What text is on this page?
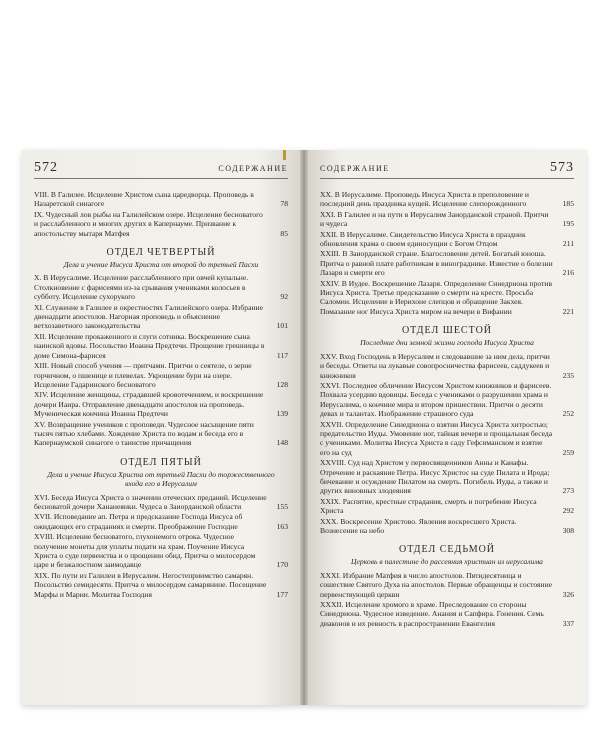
572	СОДЕРЖАНИЕ
VIII. В Галилее. Исцеление Христом сына царедворца. Проповедь в Назаретской синагоге	78
IX. Чудесный лов рыбы на Галилейском озере. Исцеление бесноватого и расслабленного и многих других в Капернауме. Призвание к апостольству мытаря Матфея	85
ОТДЕЛ ЧЕТВЕРТЫЙ
Дела и учение Иисуса Христа от второй до третьей Пасхи
X. В Иерусалиме. Исцеление расслабленного при овчей купальне. Столкновение с фарисеями из-за срывания учениками колосьев в субботу. Исцеление сухорукого	92
XI. Служение в Галилее и окрестностях Галилейского озера. Избрание двенадцати апостолов. Нагорная проповедь и объяснение ветхозаветного законодательства	101
XII. Исцеление прокаженного и слуги сотника. Воскрешение сына наинской вдовы. Посольство Иоанна Предтечи. Прощение грешницы в доме Симона-фарисея	117
XIII. Новый способ учения — притчами. Притчи о сеятеле, о зерне горчичном, о пшенице и плевелах. Укрощение бури на озере. Исцеление Гадаринского бесноватого	128
XIV. Исцеление женщины, страдавшей кровотечением, и воскрешение дочери Иаира. Отправление двенадцати апостолов на проповедь. Мученическая кончина Иоанна Предтечи	139
XV. Возвращение учеников с проповеди. Чудесное насыщение пяти тысяч пятью хлебами. Хождение Христа по водам и беседа его в Капернаумской синагоге о таинстве причащения	148
ОТДЕЛ ПЯТЫЙ
Дела и учение Иисуса Христа от третьей Пасхи до торжественного входа его в Иерусалим
XVI. Беседа Иисуса Христа о значении отеческих преданий. Исцеление бесноватой дочери Хананеянки. Чудеса в Заиорданской области	155
XVII. Исповедание ап. Петра и предсказание Господа Иисуса об ожидающих его страданиях и смерти. Преображение Господне	163
XVIII. Исцеление бесноватого, глухонемого отрока. Чудесное получение монеты для уплаты подати на храм. Поучение Иисуса Христа о суде первенства и о прощении обид. Притча о милосердом царе и безжалостном заимодавце	170
XIX. По пути из Галилеи в Иерусалим. Негостеприимство самарян. Посольство семидесяти. Притча о милосердом самарянине. Посещение Марфы и Марии. Молитва Господня	177
СОДЕРЖАНИЕ	573
XX. В Иерусалиме. Проповедь Иисуса Христа в преполовение и последний день праздника кущей. Исцеление слепорожденного	185
XXI. В Галилее и на пути в Иерусалим Заиорданской страной. Притчи и чудеса	195
XXII. В Иерусалиме. Свидетельство Иисуса Христа в праздник обновления храма о своем единосущии с Богом Отцом	211
XXIII. В Заиорданской стране. Благословение детей. Богатый юноша. Притча о равной плате работникам в винограднике. Известие о болезни Лазаря и смерти его	216
XXIV. В Иудее. Воскрешение Лазаря. Определение Синедриона против Иисуса Христа. Третье предсказание о смерти на кресте. Просьба Саломии. Исцеление в Иерихоне слепцов и обращение Закхея. Помазание ног Иисуса Христа миром на вечери в Вифании	221
ОТДЕЛ ШЕСТОЙ
Последние дни земной жизни господа Иисуса Христа
XXV. Вход Господень в Иерусалим и следовавшие за ним дела, притчи и беседы. Ответы на лукавые совопросничества фарисеев, саддукеев и книжников	235
XXVI. Последнее обличение Иисусом Христом книжников и фарисеев. Похвала усердию вдовицы. Беседа с учениками о разрушении храма и Иерусалима, о кончине мира и втором пришествии. Притчи о десяти девах и талантах. Изображение страшного суда	252
XXVII. Определение Синедриона о взятии Иисуса Христа хитростью; предательство Иуды. Умовение ног, тайная вечеря и прощальная беседа с учениками. Молитва Иисуса Христа в саду Гефсиманском и взятие его на суд	259
XXVIII. Суд над Христом у первосвященников Анны и Каиафы. Отречение и раскаяние Петра. Иисус Христос на суде Пилата и Ирода; бичевание и осуждение Пилатом на смерть. Погибель Иуды, а также и других виновных злодеяния	273
XXIX. Распятие, крестные страдания, смерть и погребение Иисуса Христа	292
XXX. Воскресение Христово. Явления воскресшего Христа. Вознесение на небо	308
ОТДЕЛ СЕДЬМОЙ
Церковь в палестине до рассеяния христиан из иерусалима
XXXI. Избрание Матфия в число апостолов. Пятидесятница и сошествие Святого Духа на апостолов. Первые обращенцы и состояние первенствующей церкви	326
XXXII. Исцеление хромого в храме. Преследование со стороны Синедриона. Чудесное изведение. Анания и Сапфира. Гонения. Семь диаконов и их ревность в распространении Евангелия	337
